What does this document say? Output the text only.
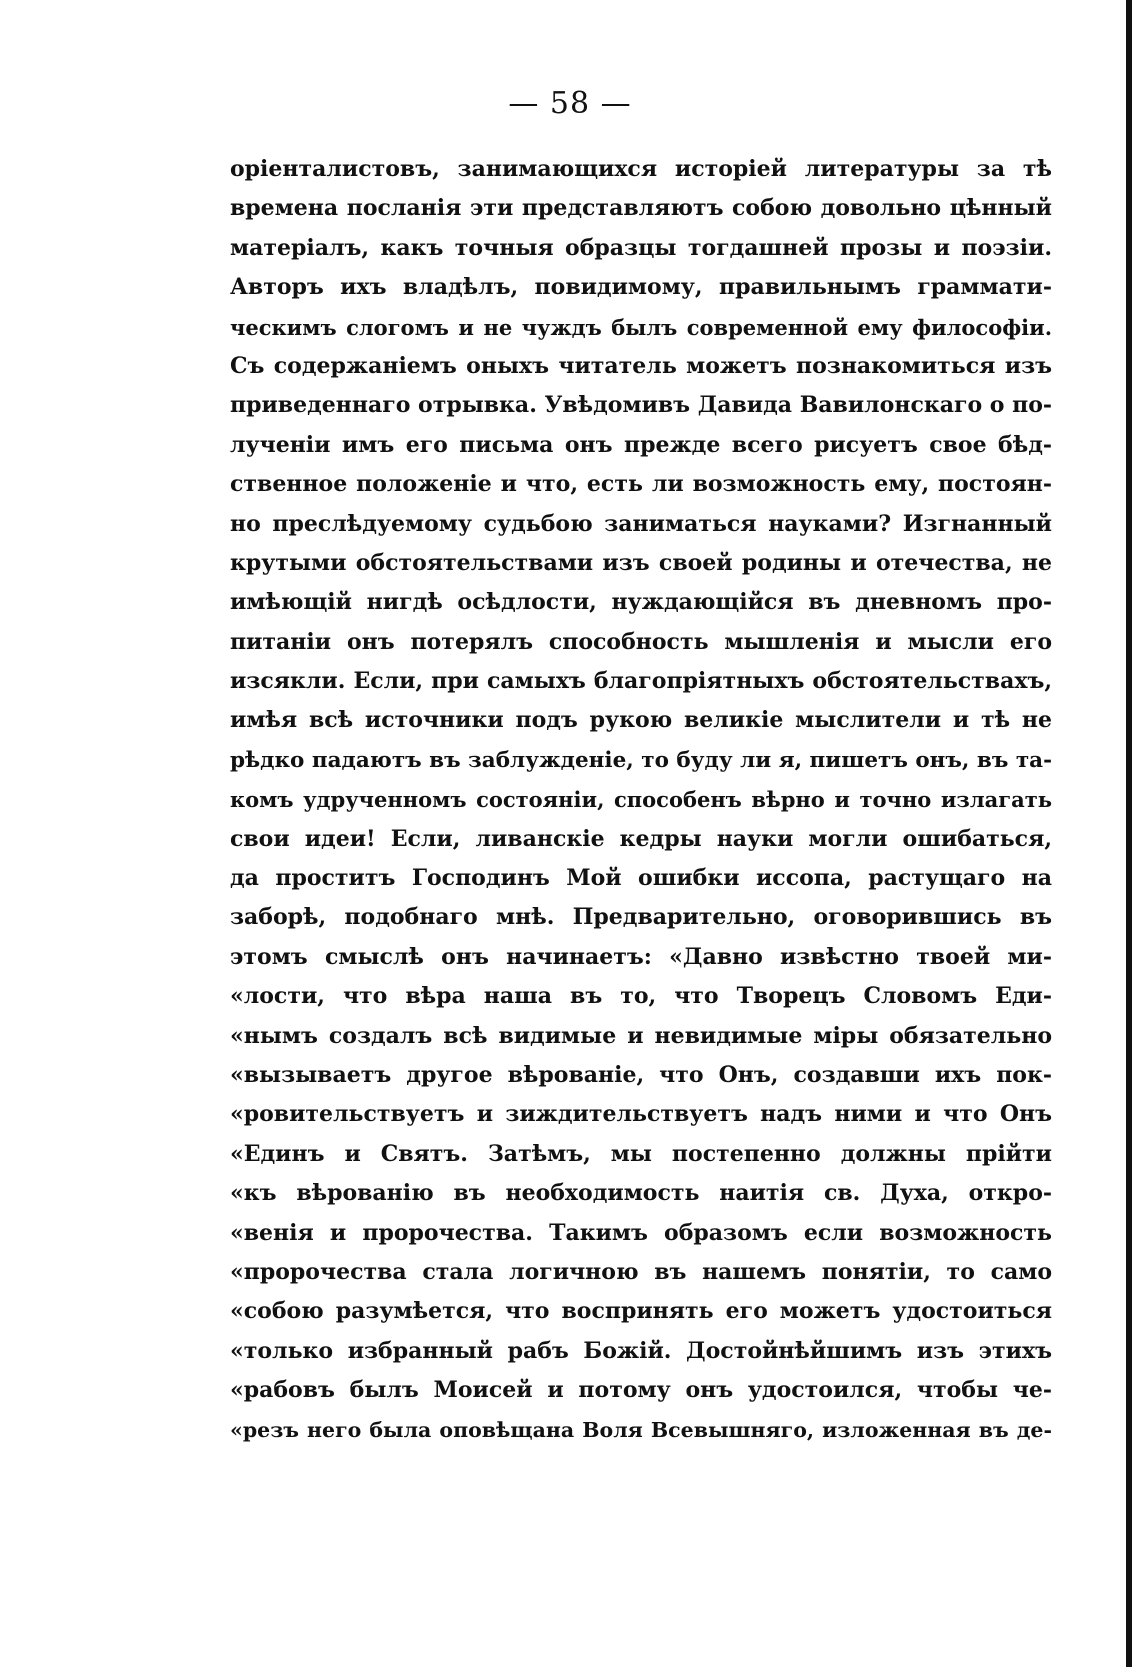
— 58 —
оріенталистовъ, занимающихся исторіей литературы за тѣ
времена посланія эти представляютъ собою довольно цѣнный
матеріалъ, какъ точныя образцы тогдашней прозы и поэзіи.
Авторъ ихъ владѣлъ, повидимому, правильнымъ граммати-
ческимъ слогомъ и не чуждъ былъ современной ему философіи.
Съ содержаніемъ оныхъ читатель можетъ познакомиться изъ
приведеннаго отрывка. Увѣдомивъ Давида Вавилонскаго о по-
лученіи имъ его письма онъ прежде всего рисуетъ свое бѣд-
ственное положеніе и что, есть ли возможность ему, постоян-
но преслѣдуемому судьбою заниматься науками? Изгнанный
крутыми обстоятельствами изъ своей родины и отечества, не
имѣющій нигдѣ осѣдлости, нуждающійся въ дневномъ про-
питаніи онъ потерялъ способность мышленія и мысли его
изсякли. Если, при самыхъ благопріятныхъ обстоятельствахъ,
имѣя всѣ источники подъ рукою великіе мыслители и тѣ не
рѣдко падаютъ въ заблужденіе, то буду ли я, пишетъ онъ, въ та-
комъ удрученномъ состояніи, способенъ вѣрно и точно излагать
свои идеи! Если, ливанскіе кедры науки могли ошибаться,
да проститъ Господинъ Мой ошибки иссопа, растущаго на
заборѣ, подобнаго мнѣ. Предварительно, оговорившись въ
этомъ смыслѣ онъ начинаетъ: «Давно извѣстно твоей ми-
«лости, что вѣра наша въ то, что Творецъ Словомъ Еди-
«нымъ создалъ всѣ видимые и невидимые міры обязательно
«вызываетъ другое вѣрованіе, что Онъ, создавши ихъ пок-
«ровительствуетъ и зиждительствуетъ надъ ними и что Онъ
«Единъ и Святъ. Затѣмъ, мы постепенно должны прійти
«къ вѣрованію въ необходимость наитія св. Духа, откро-
«венія и пророчества. Такимъ образомъ если возможность
«пророчества стала логичною въ нашемъ понятіи, то само
«собою разумѣется, что воспринять его можетъ удостоиться
«только избранный рабъ Божій. Достойнѣйшимъ изъ этихъ
«рабовъ былъ Моисей и потому онъ удостоился, чтобы че-
«резъ него была оповѣщана Воля Всевышняго, изложенная въ де-
